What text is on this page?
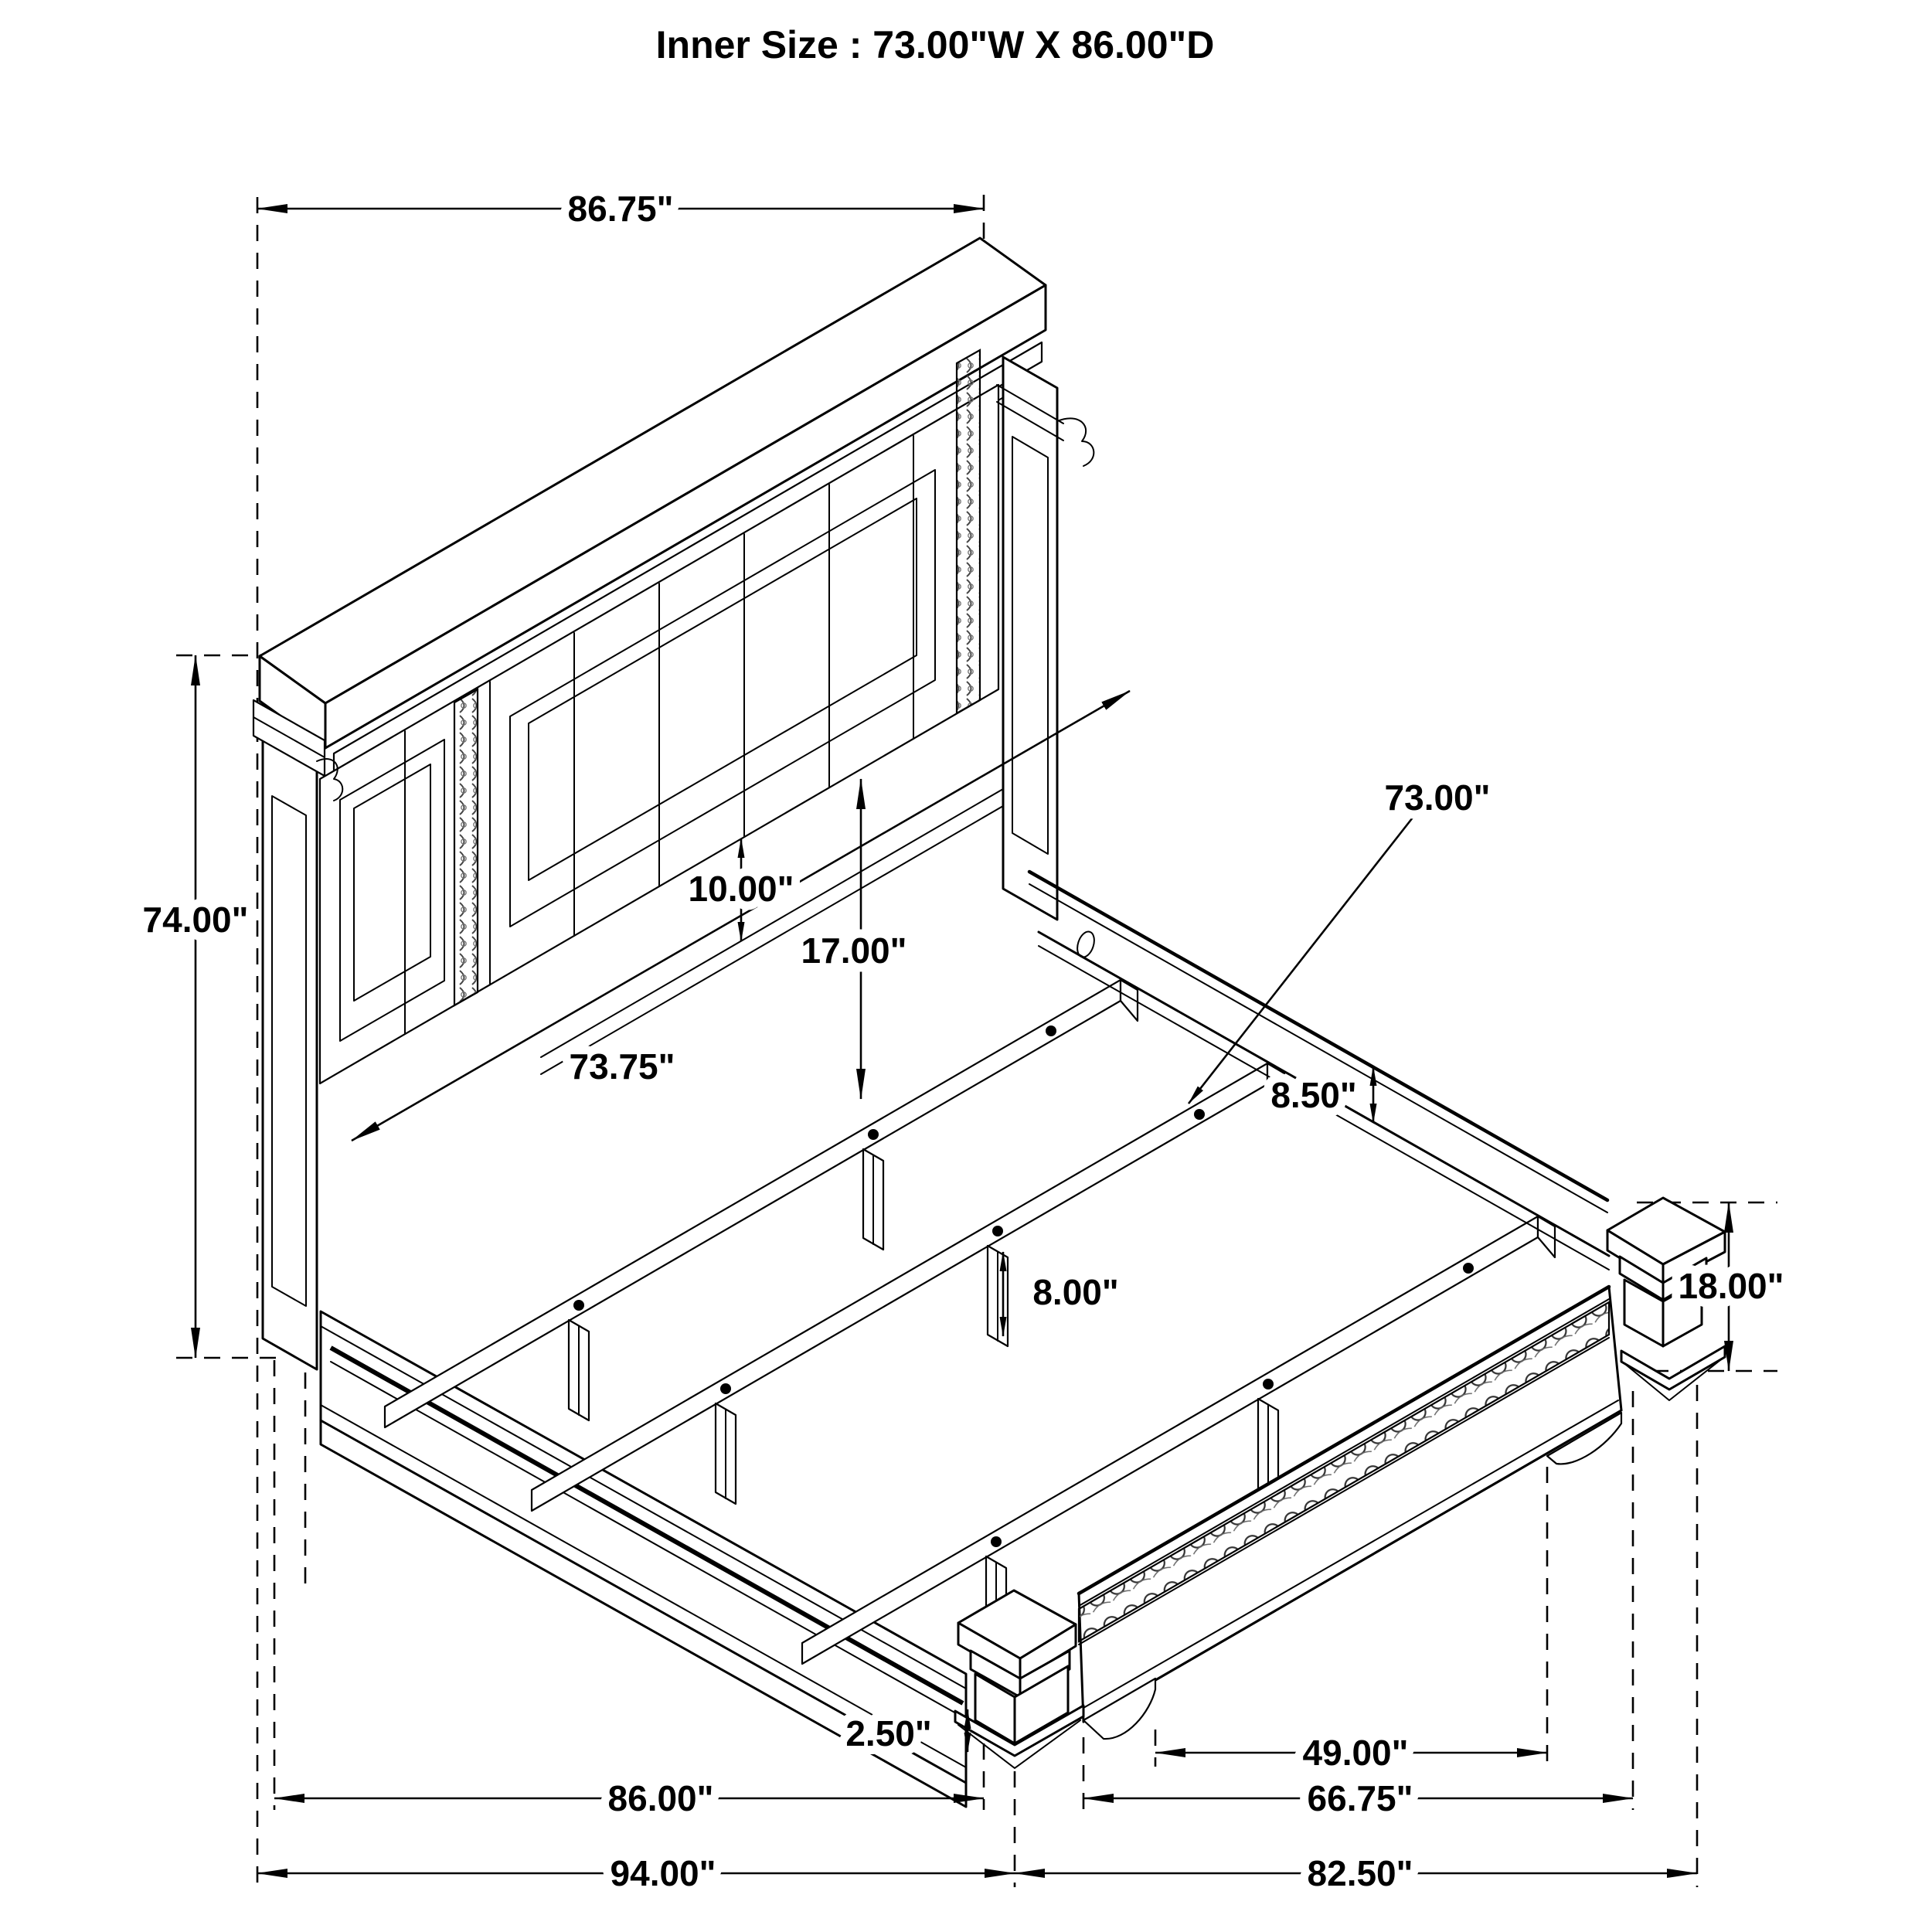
Inner Size : 73.00"W X 86.00"D
86.75"
74.00"
73.75"
10.00"
17.00"
73.00"
8.50"
8.00"	18.00"
2.50"
86.00"
49.00"
66.75"
94.00"	82.50"
